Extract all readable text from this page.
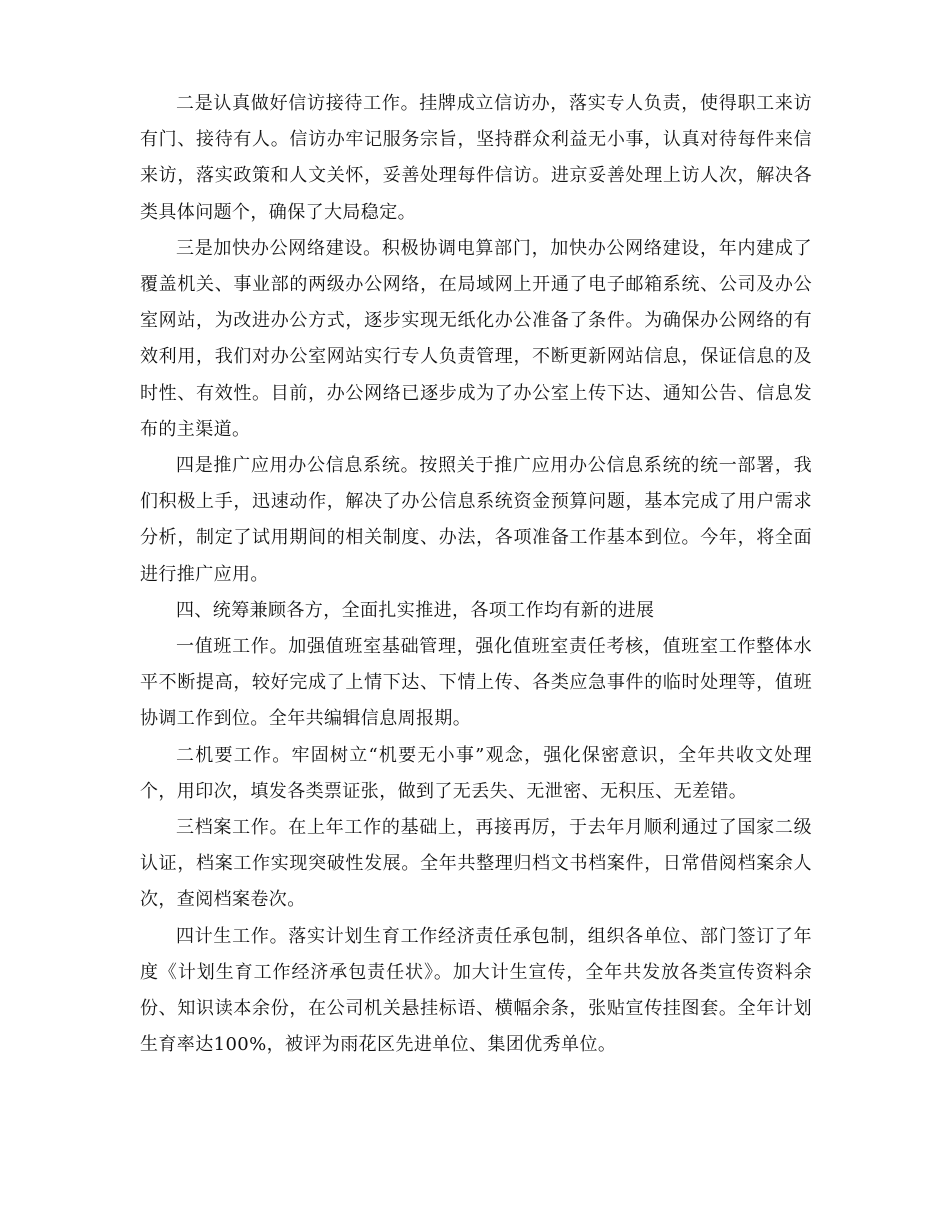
二是认真做好信访接待工作。挂牌成立信访办，落实专人负责，使得职工来访有门、接待有人。信访办牢记服务宗旨，坚持群众利益无小事，认真对待每件来信来访，落实政策和人文关怀，妥善处理每件信访。进京妥善处理上访人次，解决各类具体问题个，确保了大局稳定。

三是加快办公网络建设。积极协调电算部门，加快办公网络建设，年内建成了覆盖机关、事业部的两级办公网络，在局域网上开通了电子邮箱系统、公司及办公室网站，为改进办公方式，逐步实现无纸化办公准备了条件。为确保办公网络的有效利用，我们对办公室网站实行专人负责管理，不断更新网站信息，保证信息的及时性、有效性。目前，办公网络已逐步成为了办公室上传下达、通知公告、信息发布的主渠道。

四是推广应用办公信息系统。按照关于推广应用办公信息系统的统一部署，我们积极上手，迅速动作，解决了办公信息系统资金预算问题，基本完成了用户需求分析，制定了试用期间的相关制度、办法，各项准备工作基本到位。今年，将全面进行推广应用。

四、统筹兼顾各方，全面扎实推进，各项工作均有新的进展

一值班工作。加强值班室基础管理，强化值班室责任考核，值班室工作整体水平不断提高，较好完成了上情下达、下情上传、各类应急事件的临时处理等，值班协调工作到位。全年共编辑信息周报期。

二机要工作。牢固树立“机要无小事”观念，强化保密意识，全年共收文处理个，用印次，填发各类票证张，做到了无丢失、无泄密、无积压、无差错。

三档案工作。在上年工作的基础上，再接再厉，于去年月顺利通过了国家二级认证，档案工作实现突破性发展。全年共整理归档文书档案件，日常借阅档案余人次，查阅档案卷次。

四计生工作。落实计划生育工作经济责任承包制，组织各单位、部门签订了年度《计划生育工作经济承包责任状》。加大计生宣传，全年共发放各类宣传资料余份、知识读本余份，在公司机关悬挂标语、横幅余条，张贴宣传挂图套。全年计划生育率达100%，被评为雨花区先进单位、集团优秀单位。
